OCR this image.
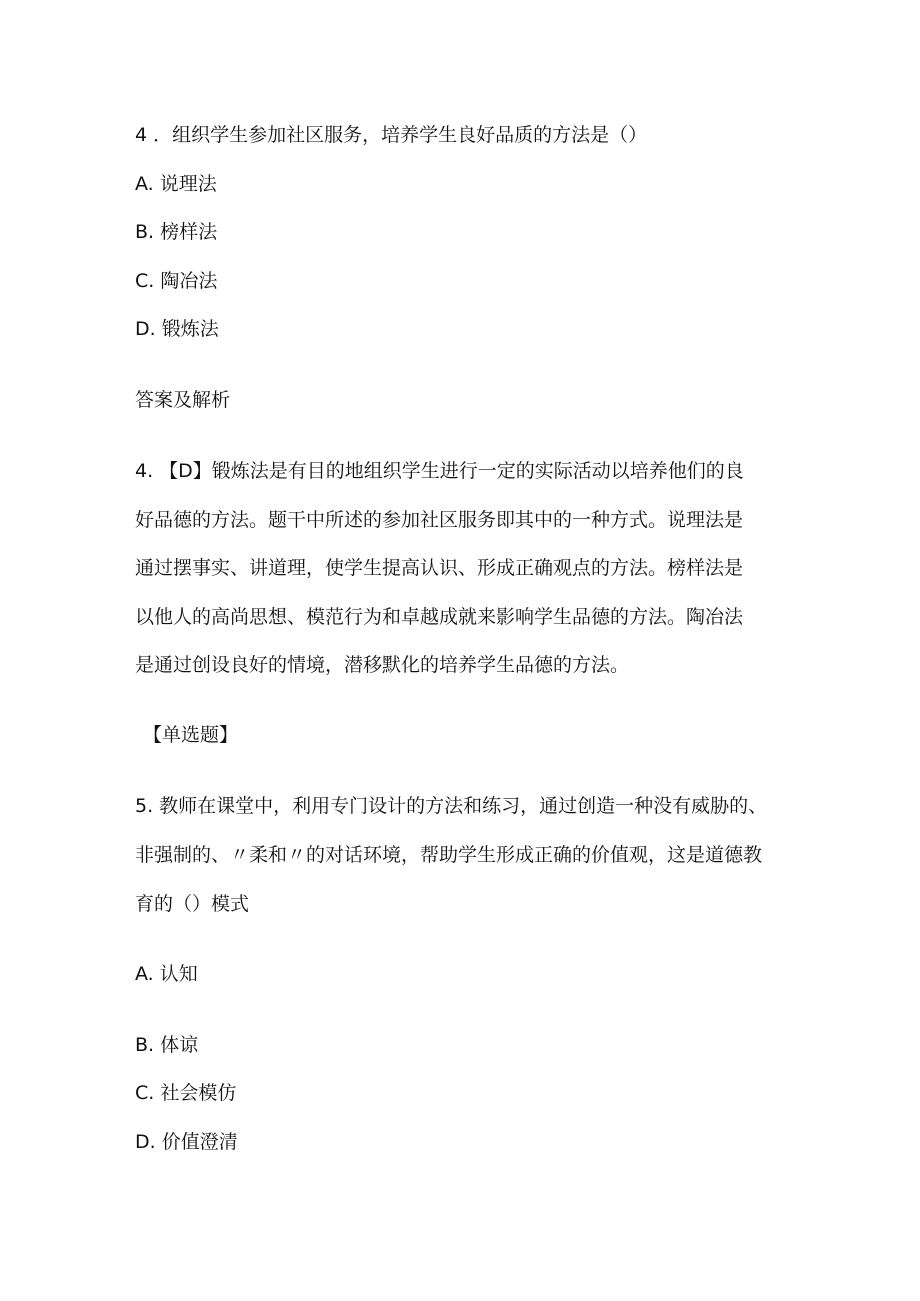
4 ．组织学生参加社区服务，培养学生良好品质的方法是（）
A. 说理法
B. 榜样法
C. 陶冶法
D. 锻炼法
答案及解析
4. 【D】锻炼法是有目的地组织学生进行一定的实际活动以培养他们的良
好品德的方法。题干中所述的参加社区服务即其中的一种方式。说理法是
通过摆事实、讲道理，使学生提高认识、形成正确观点的方法。榜样法是
以他人的高尚思想、模范行为和卓越成就来影响学生品德的方法。陶冶法
是通过创设良好的情境，潜移默化的培养学生品德的方法。
【单选题】
5. 教师在课堂中，利用专门设计的方法和练习，通过创造一种没有威胁的、
非强制的、〃柔和〃的对话环境，帮助学生形成正确的价值观，这是道德教
育的（）模式
A. 认知
B. 体谅
C. 社会模仿
D. 价值澄清
